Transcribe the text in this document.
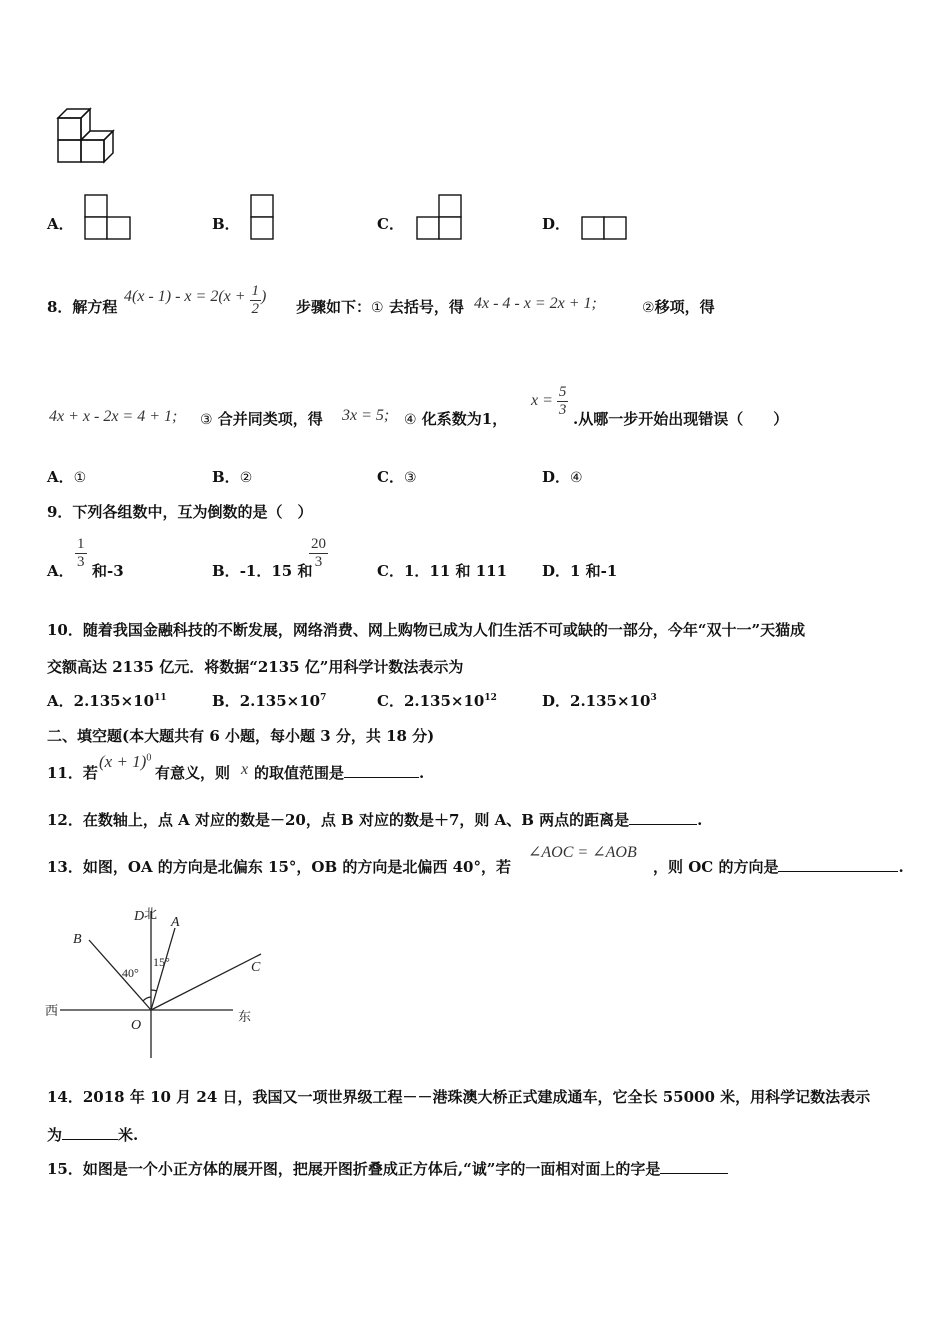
A．	B．	C．	D．
8．解方程
$4(x - 1) - x = 2(x + \frac{1}{2}$ )
步骤如下：① 去括号，得 4x - 4 - x = 2x + 1;	②移项，得
4x + x - 2x = 4 + 1; ③ 合并同类项，得 3x = 5; ④ 化系数为1，
$x = \frac{5}{3}$ .从哪一步开始出现错误（　　）
A．①	B．②	C．③	D．④
9．下列各组数中，互为倒数的是（　）
A． $\frac{1}{3}$ 和-3	B．-1．15 和
$\frac{20}{3}$	C．1．11 和 111 D．1 和-1
10．随着我国金融科技的不断发展，网络消费、网上购物已成为人们生活不可或缺的一部分，今年“双十一”天猫成
交额高达 2135 亿元．将数据“2135 亿”用科学计数法表示为
A．$2.135\times 10^{11}$	B．$2.135\times 10^7$	C．$2.135\times 10^{12}$	D．$2.135\times 10^3$
二、填空题(本大题共有 6 小题，每小题 3 分，共 18 分)
11．若
$(x + 1)^0$
有意义，则 x 的取值范围是	.
12．在数轴上，点 A 对应的数是－20，点 B 对应的数是＋7，则 A、B 两点的距离是	.
13．如图，OA 的方向是北偏东 15°，OB 的方向是北偏西 40°，若
∠AOC = ∠AOB
，则 OC 的方向是	.
D A
B
C
O
北
西	东
15°
40°
14．2018 年 10 月 24 日，我国又一项世界级工程－－港珠澳大桥正式建成通车，它全长 55000 米，用科学记数法表示
为	米.
15．如图是一个小正方体的展开图，把展开图折叠成正方体后,“诚”字的一面相对面上的字是
